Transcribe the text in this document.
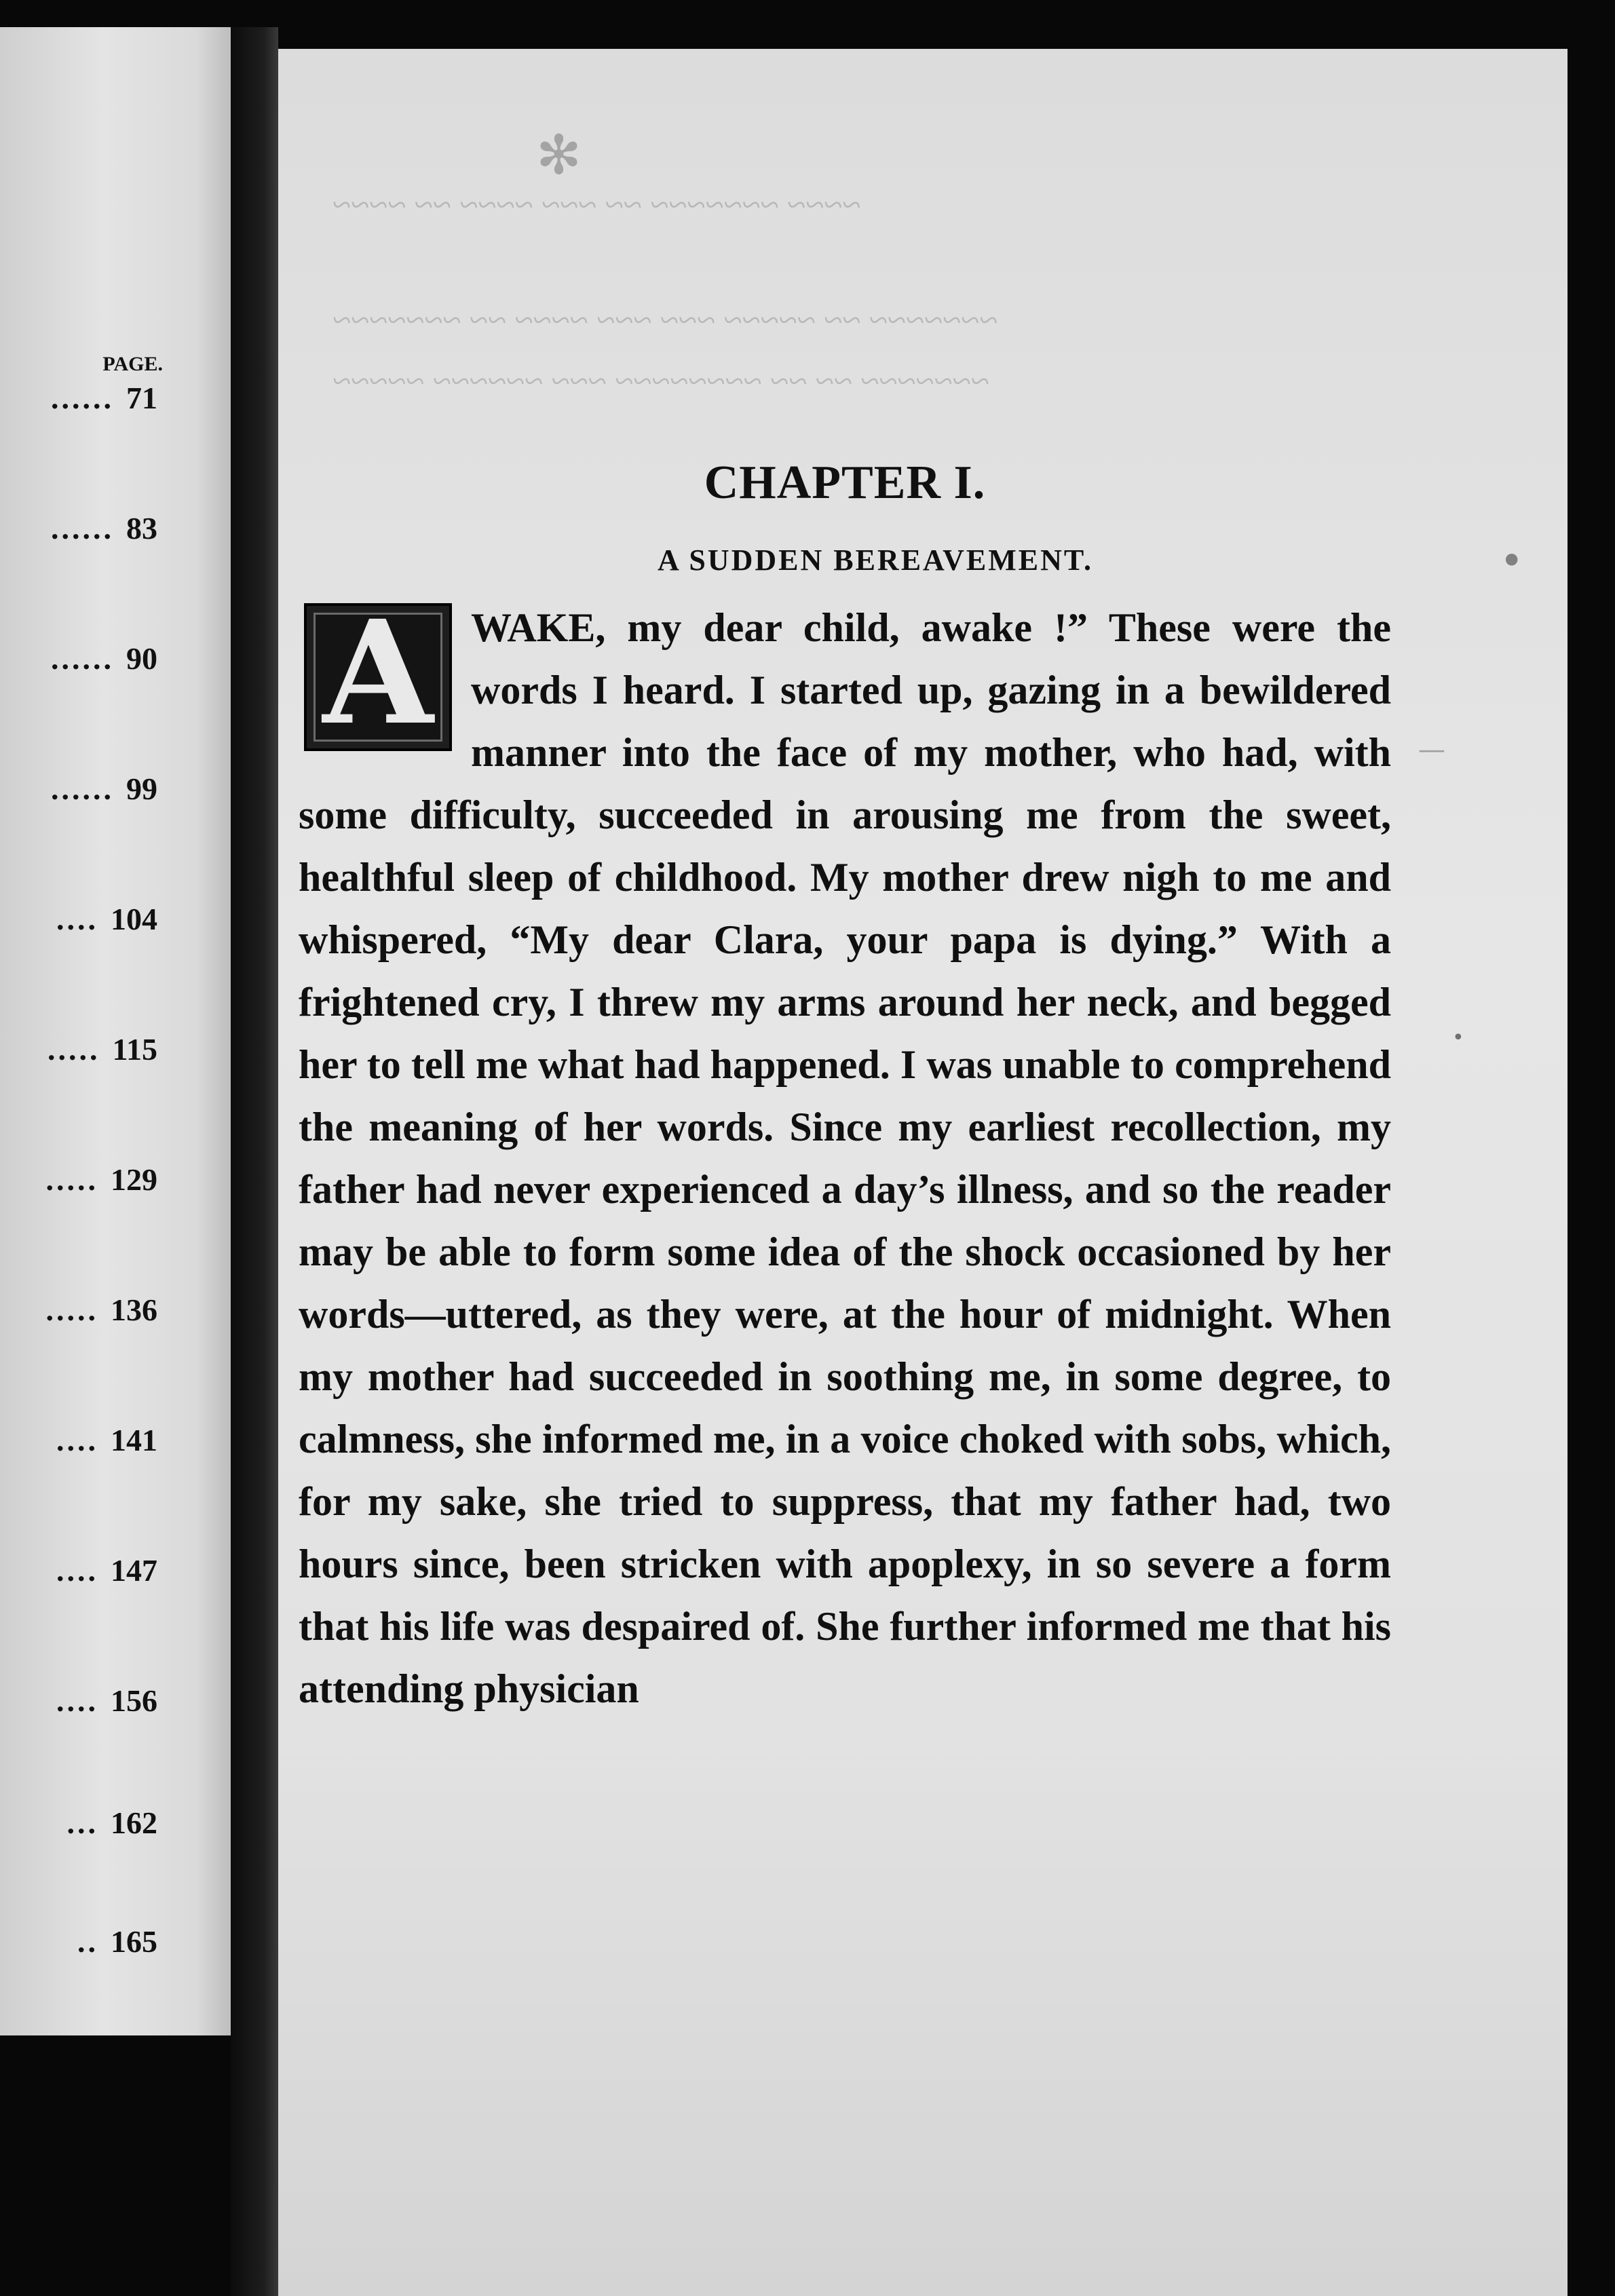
PAGE.
...... 71
...... 83
...... 90
...... 99
.... 104
..... 115
..... 129
..... 136
.... 141
.... 147
.... 156
... 162
.. 165
✻
~~~~ ~~~~~~~ ~~ ~~~ ~~~~ ~~ ~~~~
~~~~~~~ ~~ ~~~~~ ~~~ ~~~ ~~~~ ~~ ~~~~~~~
~~~~~~~ ~~ ~~ ~~~~~~~~ ~~~ ~~~~~~ ~~~~~
CHAPTER I.
A SUDDEN BEREAVEMENT.

A WAKE, my dear child, awake !” These were the words I heard. I started up, gazing in a bewildered manner into the face of my mother, who had, with some difficulty, succeeded in arousing me from the sweet, healthful sleep of childhood. My mother drew nigh to me and whispered, “My dear Clara, your papa is dying.” With a frightened cry, I threw my arms around her neck, and begged her to tell me what had happened. I was unable to comprehend the meaning of her words. Since my earliest recollection, my father had never experienced a day’s illness, and so the reader may be able to form some idea of the shock occasioned by her words—uttered, as they were, at the hour of midnight. When my mother had succeeded in soothing me, in some degree, to calmness, she informed me, in a voice choked with sobs, which, for my sake, she tried to suppress, that my father had, two hours since, been stricken with apoplexy, in so severe a form that his life was despaired of. She further informed me that his attending physician

•
—
•
